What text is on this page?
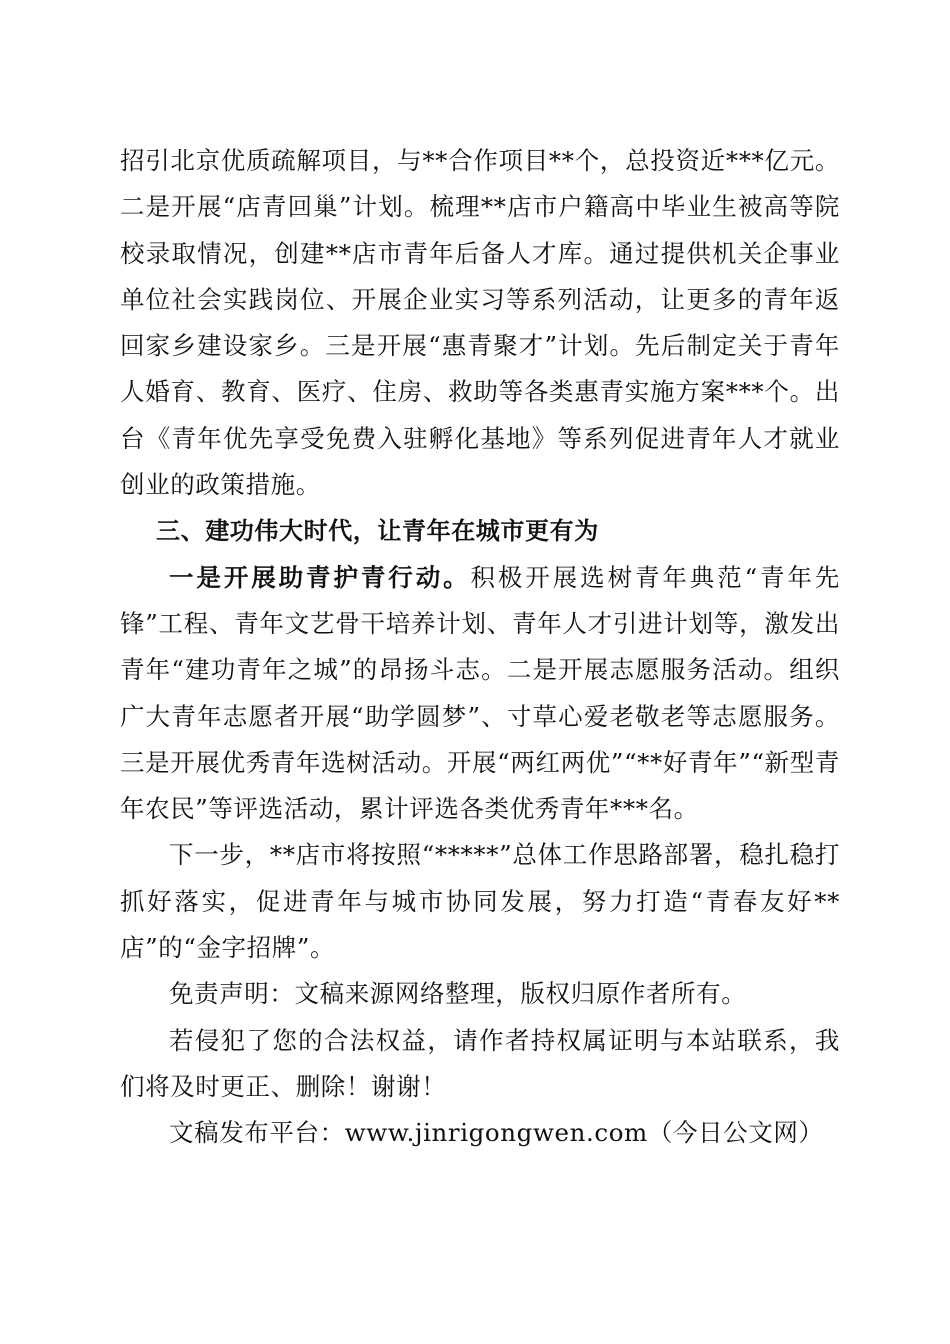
招引北京优质疏解项目，与**合作项目**个，总投资近***亿元。二是开展“店青回巢”计划。梳理**店市户籍高中毕业生被高等院校录取情况，创建**店市青年后备人才库。通过提供机关企事业单位社会实践岗位、开展企业实习等系列活动，让更多的青年返回家乡建设家乡。三是开展“惠青聚才”计划。先后制定关于青年人婚育、教育、医疗、住房、救助等各类惠青实施方案***个。出台《青年优先享受免费入驻孵化基地》等系列促进青年人才就业创业的政策措施。

三、建功伟大时代，让青年在城市更有为

一是开展助青护青行动。积极开展选树青年典范“青年先锋”工程、青年文艺骨干培养计划、青年人才引进计划等，激发出青年“建功青年之城”的昂扬斗志。二是开展志愿服务活动。组织广大青年志愿者开展“助学圆梦”、寸草心爱老敬老等志愿服务。三是开展优秀青年选树活动。开展“两红两优”“**好青年”“新型青年农民”等评选活动，累计评选各类优秀青年***名。

下一步，**店市将按照“*****”总体工作思路部署，稳扎稳打抓好落实，促进青年与城市协同发展，努力打造“青春友好**店”的“金字招牌”。

免责声明：文稿来源网络整理，版权归原作者所有。

若侵犯了您的合法权益，请作者持权属证明与本站联系，我们将及时更正、删除！谢谢！

文稿发布平台：www.jinrigongwen.com（今日公文网）
